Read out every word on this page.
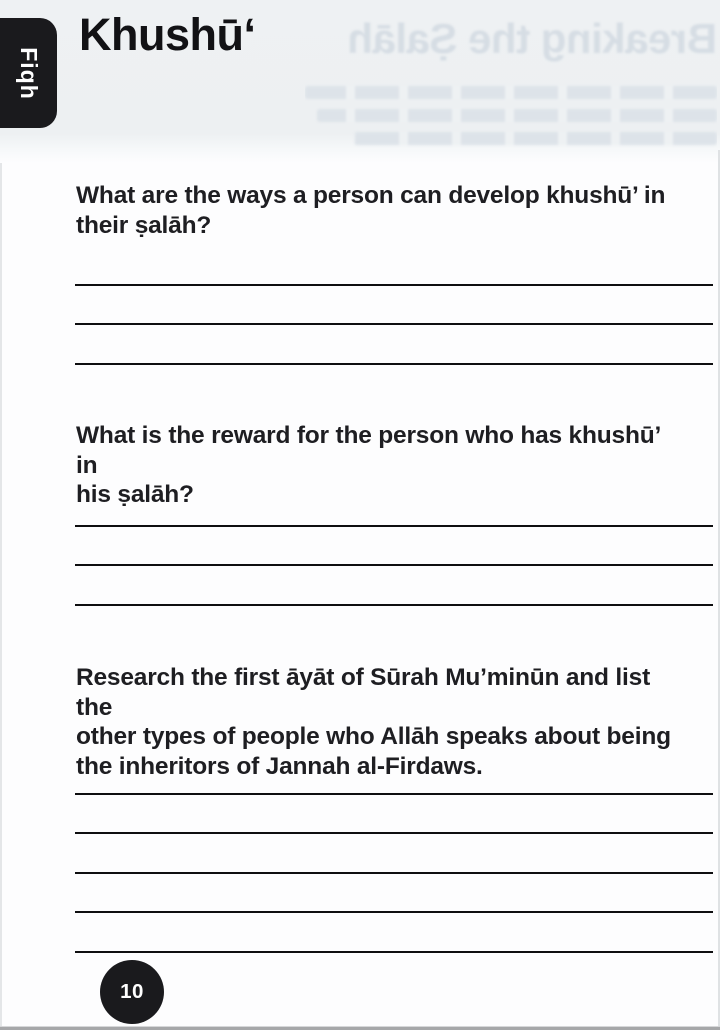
Breaking the Ṣalāh
Fiqh
Khushū‘
What are the ways a person can develop khushū’ in
their ṣalāh?
What is the reward for the person who has khushū’ in
his ṣalāh?
Research the first āyāt of Sūrah Mu’minūn and list the
other types of people who Allāh speaks about being
the inheritors of Jannah al-Firdaws.
10
